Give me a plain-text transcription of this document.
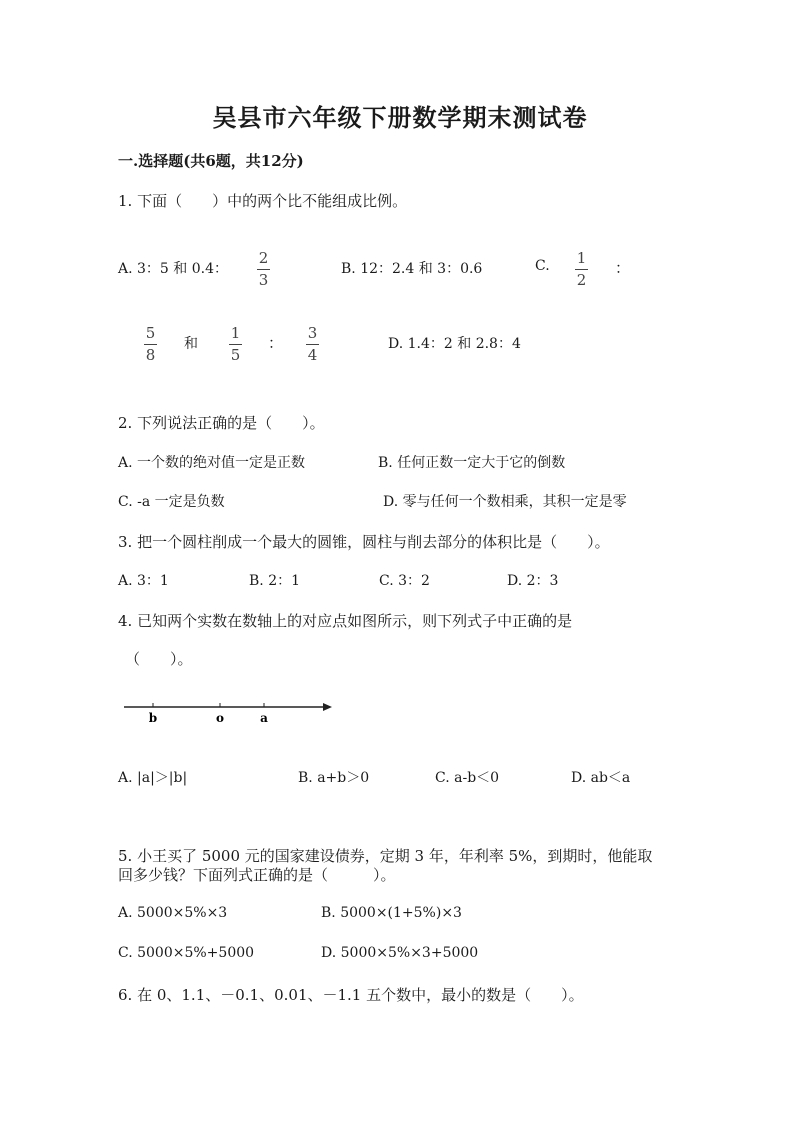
吴县市六年级下册数学期末测试卷
一.选择题(共6题，共12分)
1. 下面（　　）中的两个比不能组成比例。
A. 3：5 和 0.4：
2
3
B. 12：2.4 和 3：0.6	C. 1
2
：
5
8
和
1
5
：
3
4
D. 1.4：2 和 2.8：4
2. 下列说法正确的是（　　）。
A. 一个数的绝对值一定是正数	B. 任何正数一定大于它的倒数
C. -a 一定是负数	D. 零与任何一个数相乘，其积一定是零
3. 把一个圆柱削成一个最大的圆锥，圆柱与削去部分的体积比是（　　）。
A. 3：1	B. 2：1	C. 3：2	D. 2：3
4. 已知两个实数在数轴上的对应点如图所示，则下列式子中正确的是
（　　）。
b	o	a
A. |a|＞|b|	B. a+b＞0	C. a-b＜0	D. ab＜a
5. 小王买了 5000 元的国家建设债券，定期 3 年，年利率 5%，到期时，他能取
回多少钱？下面列式正确的是（　　　）。
A. 5000×5%×3	B. 5000×(1+5%)×3
C. 5000×5%+5000	D. 5000×5%×3+5000
6. 在 0、1.1、－0.1、0.01、－1.1 五个数中，最小的数是（　　）。
